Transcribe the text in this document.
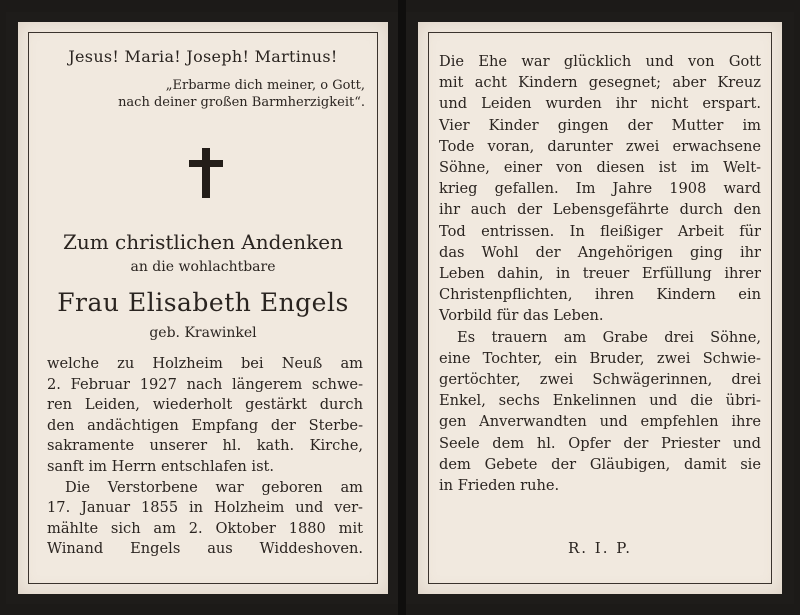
Jesus! Maria! Joseph! Martinus!
„Erbarme dich meiner, o Gott,
nach deiner großen Barmherzigkeit“.
Zum christlichen Andenken
an die wohlachtbare
Frau Elisabeth Engels
geb. Krawinkel
welche zu Holzheim bei Neuß am
2. Februar 1927 nach längerem schwe-
ren Leiden, wiederholt gestärkt durch
den andächtigen Empfang der Sterbe-
sakramente unserer hl. kath. Kirche,
sanft im Herrn entschlafen ist.
Die Verstorbene war geboren am
17. Januar 1855 in Holzheim und ver-
mählte sich am 2. Oktober 1880 mit
Winand Engels aus Widdeshoven.
Die Ehe war glücklich und von Gott
mit acht Kindern gesegnet; aber Kreuz
und Leiden wurden ihr nicht erspart.
Vier Kinder gingen der Mutter im
Tode voran, darunter zwei erwachsene
Söhne, einer von diesen ist im Welt-
krieg gefallen. Im Jahre 1908 ward
ihr auch der Lebensgefährte durch den
Tod entrissen. In fleißiger Arbeit für
das Wohl der Angehörigen ging ihr
Leben dahin, in treuer Erfüllung ihrer
Christenpflichten, ihren Kindern ein
Vorbild für das Leben.
Es trauern am Grabe drei Söhne,
eine Tochter, ein Bruder, zwei Schwie-
gertöchter, zwei Schwägerinnen, drei
Enkel, sechs Enkelinnen und die übri-
gen Anverwandten und empfehlen ihre
Seele dem hl. Opfer der Priester und
dem Gebete der Gläubigen, damit sie
in Frieden ruhe.
R. I. P.
